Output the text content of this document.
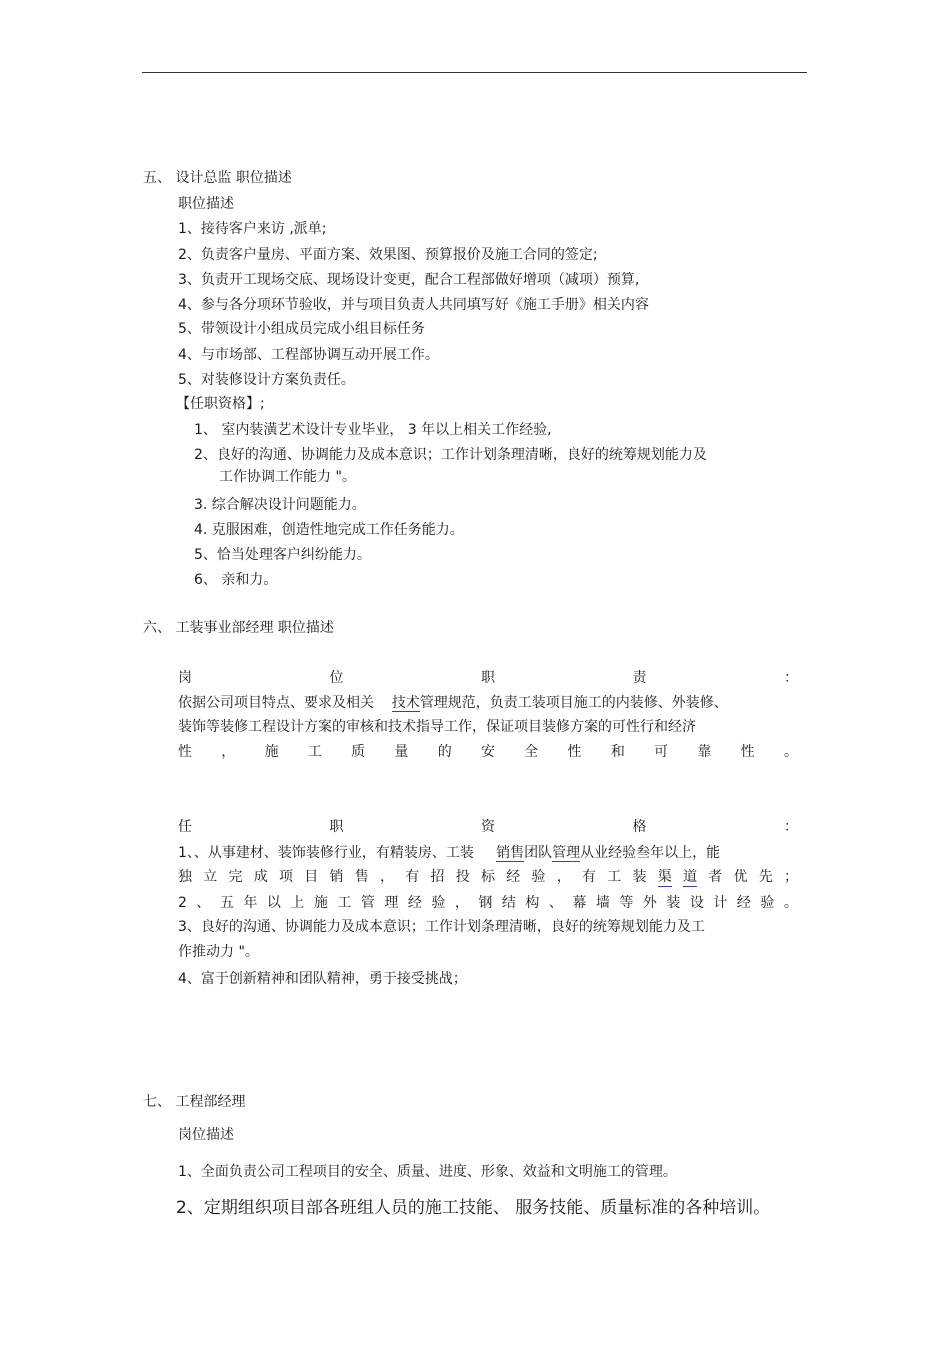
五、 设计总监 职位描述
职位描述
1、接待客户来访 ,派单;
2、负责客户量房、平面方案、效果图、预算报价及施工合同的签定;
3、负责开工现场交底、现场设计变更，配合工程部做好增项（减项）预算,
4、参与各分项环节验收，并与项目负责人共同填写好《施工手册》相关内容
5、带领设计小组成员完成小组目标任务
4、与市场部、工程部协调互动开展工作。
5、对装修设计方案负责任。
【任职资格】;
1、 室内装潢艺术设计专业毕业， 3 年以上相关工作经验,
2、良好的沟通、协调能力及成本意识；工作计划条理清晰，良好的统筹规划能力及
工作协调工作能力 "。
3. 综合解决设计问题能力。
4. 克服困难，创造性地完成工作任务能力。
5、恰当处理客户纠纷能力。
6、 亲和力。
六、 工装事业部经理 职位描述
岗	位	职	责	：
依据公司项目特点、要求及相关    技术管理规范，负责工装项目施工的内装修、外装修、
装饰等装修工程设计方案的审核和技术指导工作，保证项目装修方案的可性行和经济
性 ， 施 工 质 量 的 安 全 性 和 可 靠 性 。
任	职	资	格	：
1、、从事建材、装饰装修行业，有精装房、工装     销售团队管理从业经验叁年以上，能
独 立 完 成 项 目 销 售 ， 有 招 投 标 经 验 ， 有 工 装 渠 道 者 优 先 ；
2 、 五 年 以 上 施 工 管 理 经 验 ， 钢 结 构 、 幕 墙 等 外 装 设 计 经 验 。
3、良好的沟通、协调能力及成本意识；工作计划条理清晰，良好的统筹规划能力及工
作推动力 "。
4、富于创新精神和团队精神，勇于接受挑战；
七、 工程部经理
岗位描述
1、全面负责公司工程项目的安全、质量、进度、形象、效益和文明施工的管理。
2、定期组织项目部各班组人员的施工技能、 服务技能、质量标准的各种培训。
